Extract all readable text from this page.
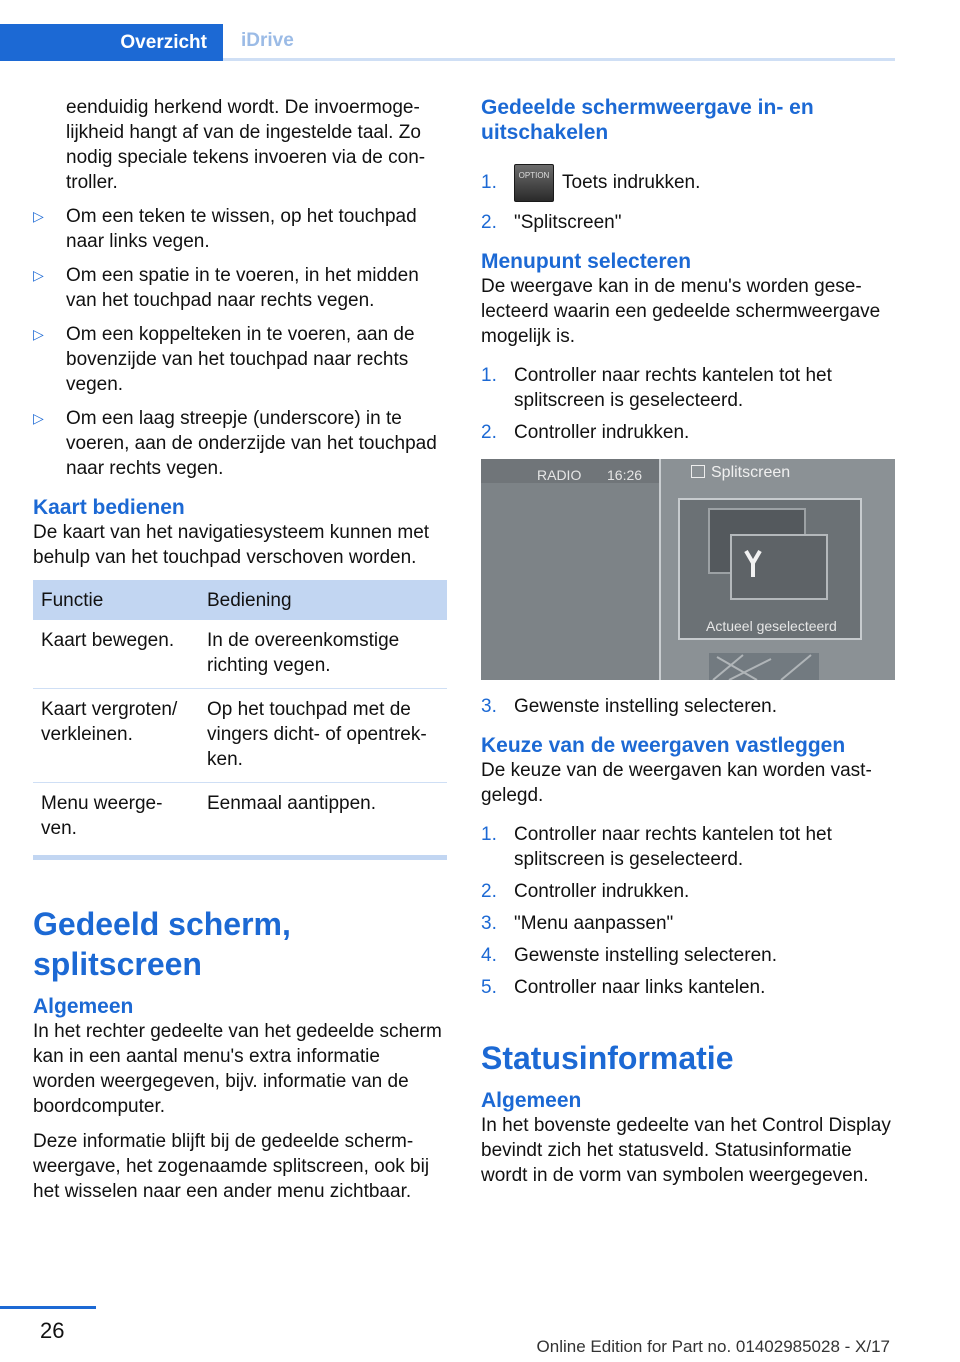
Overzicht	iDrive

eenduidig herkend wordt. De invoermogelijkheid hangt af van de ingestelde taal. Zo nodig speciale tekens invoeren via de controller.

▷ Om een teken te wissen, op het touchpad naar links vegen.
▷ Om een spatie in te voeren, in het midden van het touchpad naar rechts vegen.
▷ Om een koppelteken in te voeren, aan de bovenzijde van het touchpad naar rechts vegen.
▷ Om een laag streepje (underscore) in te voeren, aan de onderzijde van het touchpad naar rechts vegen.
Kaart bedienen

De kaart van het navigatiesysteem kunnen met behulp van het touchpad verschoven worden.

Functie	Bediening
Kaart bewegen.	In de overeenkomstige richting vegen.
Kaart vergroten/ verkleinen.	Op het touchpad met de vingers dicht- of opentrekken.
Menu weergeven.	Eenmaal aantippen.
Gedeeld scherm, splitscreen
Algemeen

In het rechter gedeelte van het gedeelde scherm kan in een aantal menu's extra informatie worden weergegeven, bijv. informatie van de boordcomputer.

Deze informatie blijft bij de gedeelde schermweergave, het zogenaamde splitscreen, ook bij het wisselen naar een ander menu zichtbaar.

Gedeelde schermweergave in- en uitschakelen
1.	OPTION Toets indrukken.
2. "Splitscreen"
Menupunt selecteren

De weergave kan in de menu's worden geselecteerd waarin een gedeelde schermweergave mogelijk is.

1. Controller naar rechts kantelen tot het splitscreen is geselecteerd.
2. Controller indrukken.
RADIO 16:26	Splitscreen
Actueel geselecteerd
3. Gewenste instelling selecteren.
Keuze van de weergaven vastleggen

De keuze van de weergaven kan worden vastgelegd.

1. Controller naar rechts kantelen tot het splitscreen is geselecteerd.
2. Controller indrukken.
3. "Menu aanpassen"
4. Gewenste instelling selecteren.
5. Controller naar links kantelen.
Statusinformatie
Algemeen

In het bovenste gedeelte van het Control Display bevindt zich het statusveld. Statusinformatie wordt in de vorm van symbolen weergegeven.

26
Online Edition for Part no. 01402985028 - X/17
